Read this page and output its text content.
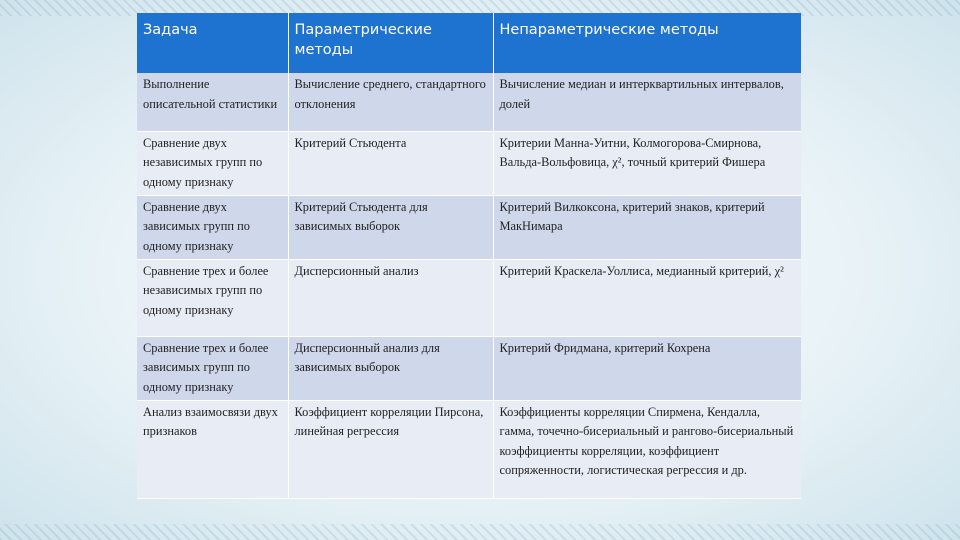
Задача	Параметрические методы	Непараметрические методы
Выполнение описательной статистики	Вычисление среднего, стандартного отклонения	Вычисление медиан и интерквартильных интервалов, долей
Сравнение двух независимых групп по одному признаку	Критерий Стьюдента	Критерии Манна-Уитни, Колмогорова-Смирнова, Вальда-Вольфовица, χ², точный критерий Фишера
Сравнение двух зависимых групп по одному признаку	Критерий Стьюдента для зависимых выборок	Критерий Вилкоксона, критерий знаков, критерий МакНимара
Сравнение трех и более независимых групп по одному признаку	Дисперсионный анализ	Критерий Краскела-Уоллиса, медианный критерий, χ²
Сравнение трех и более зависимых групп по одному признаку	Дисперсионный анализ для зависимых выборок	Критерий Фридмана, критерий Кохрена
Анализ взаимосвязи двух признаков	Коэффициент корреляции Пирсона, линейная регрессия	Коэффициенты корреляции Спирмена, Кендалла, гамма, точечно-бисериальный и рангово-бисериальный коэффициенты корреляции, коэффициент сопряженности, логистическая регрессия и др.
